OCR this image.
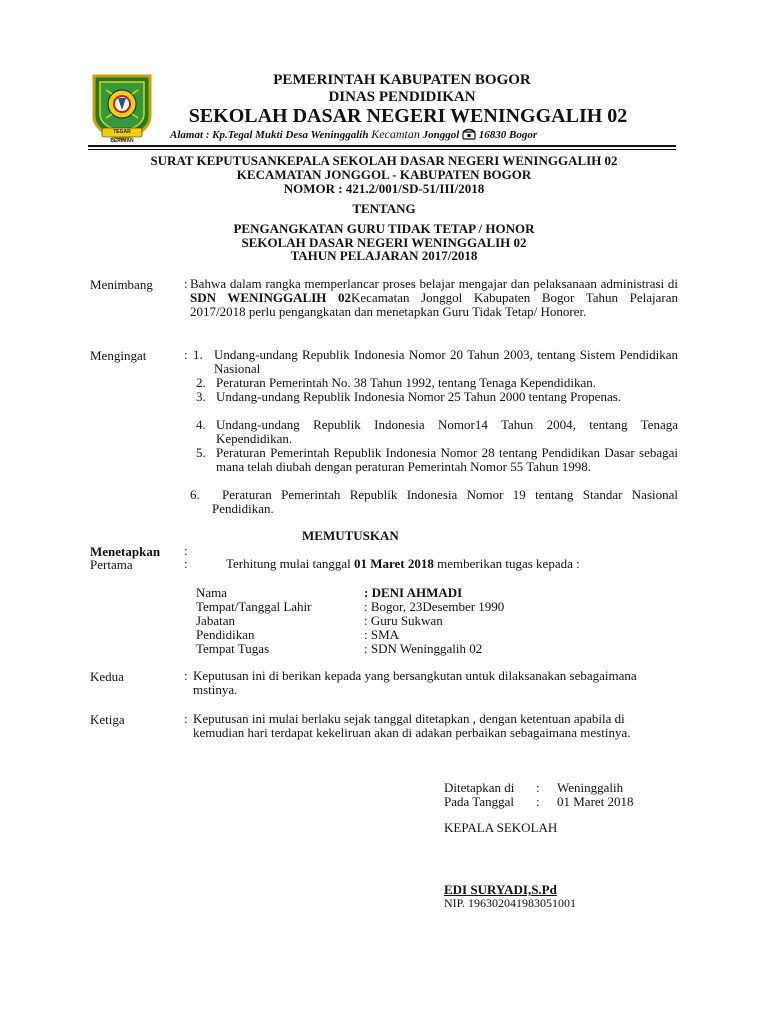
TEGAR BERIMAN
PEMERINTAH KABUPATEN BOGOR
DINAS PENDIDIKAN
SEKOLAH DASAR NEGERI WENINGGALIH 02
Alamat : Kp.Tegal Mukti Desa Weninggalih Kecamtan Jonggol  16830 Bogor
SURAT KEPUTUSANKEPALA SEKOLAH DASAR NEGERI WENINGGALIH 02
KECAMATAN JONGGOL - KABUPATEN BOGOR
NOMOR : 421.2/001/SD-51/III/2018
TENTANG
PENGANGKATAN GURU TIDAK TETAP / HONOR
SEKOLAH DASAR NEGERI WENINGGALIH 02
TAHUN PELAJARAN 2017/2018
Menimbang : Bahwa dalam rangka memperlancar proses belajar mengajar dan pelaksanaan administrasi di SDN WENINGGALIH 02Kecamatan Jonggol Kabupaten Bogor Tahun Pelajaran 2017/2018 perlu pengangkatan dan menetapkan Guru Tidak Tetap/ Honorer.
Mengingat	: 1. Undang-undang Republik Indonesia Nomor 20 Tahun 2003, tentang Sistem Pendidikan Nasional
2. Peraturan Pemerintah No. 38 Tahun 1992, tentang Tenaga Kependidikan.
3. Undang-undang Republik Indonesia Nomor 25 Tahun 2000 tentang Propenas.
4. Undang-undang Republik Indonesia Nomor14 Tahun 2004, tentang Tenaga Kependidikan.
5. Peraturan Pemerintah Republik Indonesia Nomor 28 tentang Pendidikan Dasar sebagai mana telah diubah dengan peraturan Pemerintah Nomor 55 Tahun 1998.
6.	Peraturan Pemerintah Republik Indonesia Nomor 19 tentang Standar Nasional Pendidikan.
MEMUTUSKAN
Menetapkan :
Pertama	:	Terhitung mulai tanggal 01 Maret 2018 memberikan tugas kepada :
Nama	: DENI AHMADI
Tempat/Tanggal Lahir	: Bogor, 23Desember 1990
Jabatan	: Guru Sukwan
Pendidikan	: SMA
Tempat Tugas	: SDN Weninggalih 02
Kedua	: Keputusan ini di berikan kepada yang bersangkutan untuk dilaksanakan sebagaimana mstinya.
Ketiga	: Keputusan ini mulai berlaku sejak tanggal ditetapkan , dengan ketentuan apabila di kemudian hari terdapat kekeliruan akan di adakan perbaikan sebagaimana mestinya.
Ditetapkan di : Weninggalih
Pada Tanggal : 01 Maret 2018
KEPALA SEKOLAH
EDI SURYADI,S.Pd
NIP. 196302041983051001
